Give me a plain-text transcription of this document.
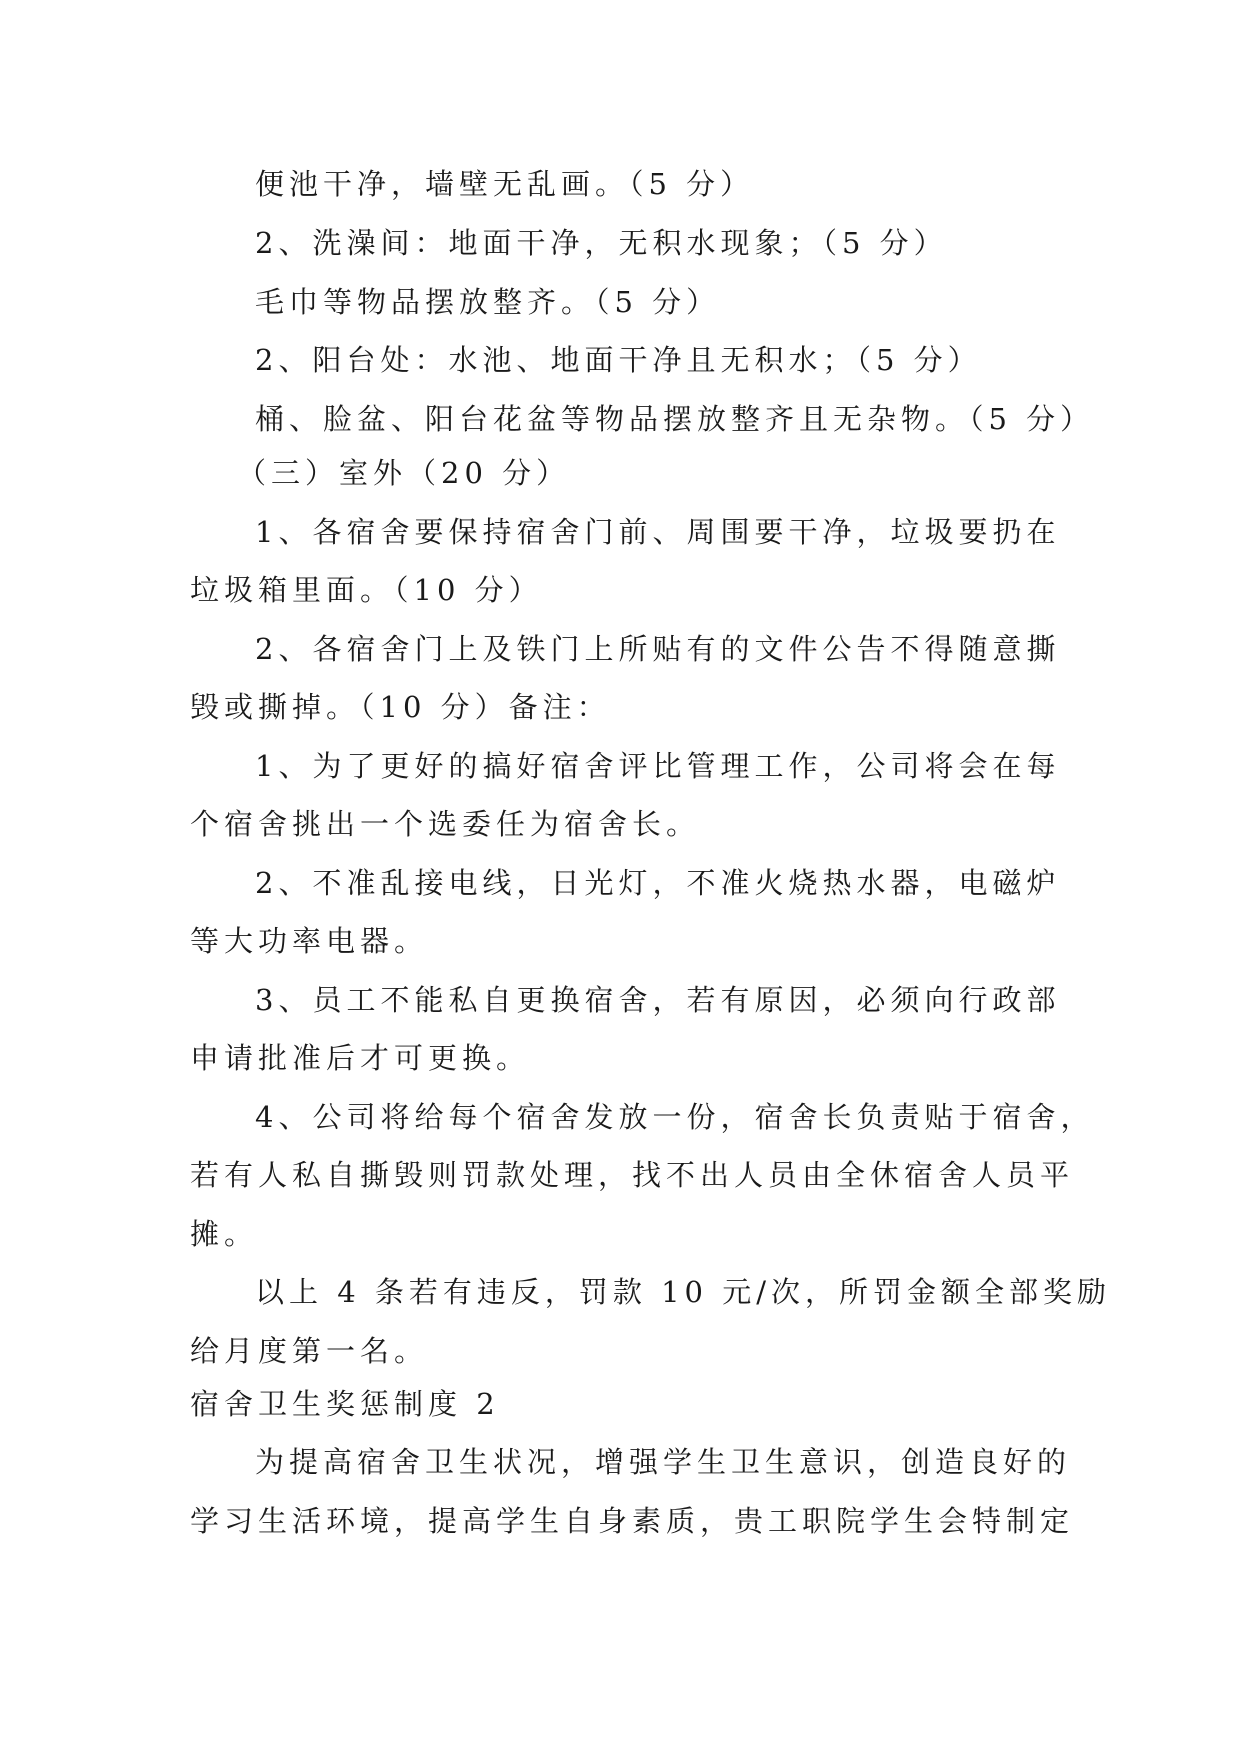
便池干净，墙壁无乱画。（5 分）
2、洗澡间：地面干净，无积水现象；（5 分）
毛巾等物品摆放整齐。（5 分）
2、阳台处：水池、地面干净且无积水；（5 分）
桶、脸盆、阳台花盆等物品摆放整齐且无杂物。（5 分）
（三）室外（20 分）
1、各宿舍要保持宿舍门前、周围要干净，垃圾要扔在
垃圾箱里面。（10 分）
2、各宿舍门上及铁门上所贴有的文件公告不得随意撕
毁或撕掉。（10 分）备注：
1、为了更好的搞好宿舍评比管理工作，公司将会在每
个宿舍挑出一个选委任为宿舍长。
2、不准乱接电线，日光灯，不准火烧热水器，电磁炉
等大功率电器。
3、员工不能私自更换宿舍，若有原因，必须向行政部
申请批准后才可更换。
4、公司将给每个宿舍发放一份，宿舍长负责贴于宿舍，
若有人私自撕毁则罚款处理，找不出人员由全休宿舍人员平
摊。
以上 4 条若有违反，罚款 10 元/次，所罚金额全部奖励
给月度第一名。
宿舍卫生奖惩制度 2
为提高宿舍卫生状况，增强学生卫生意识，创造良好的
学习生活环境，提高学生自身素质，贵工职院学生会特制定
